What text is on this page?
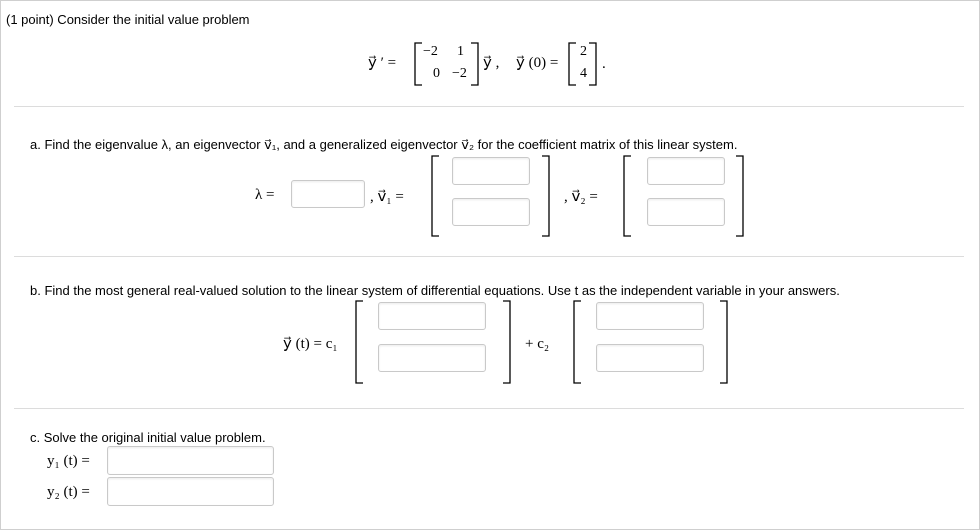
(1 point) Consider the initial value problem
y⃗ ′ =
−2 1
0 −2
y⃗ , y⃗ (0) =
2
4
.
a. Find the eigenvalue λ, an eigenvector v⃗₁, and a generalized eigenvector v⃗₂ for the coefficient matrix of this linear system.
λ =	, v⃗₁ =	, v⃗₂ =
b. Find the most general real-valued solution to the linear system of differential equations. Use t as the independent variable in your answers.
y⃗ (t) = c₁	+ c₂
c. Solve the original initial value problem.
y₁ (t) =
y₂ (t) =
